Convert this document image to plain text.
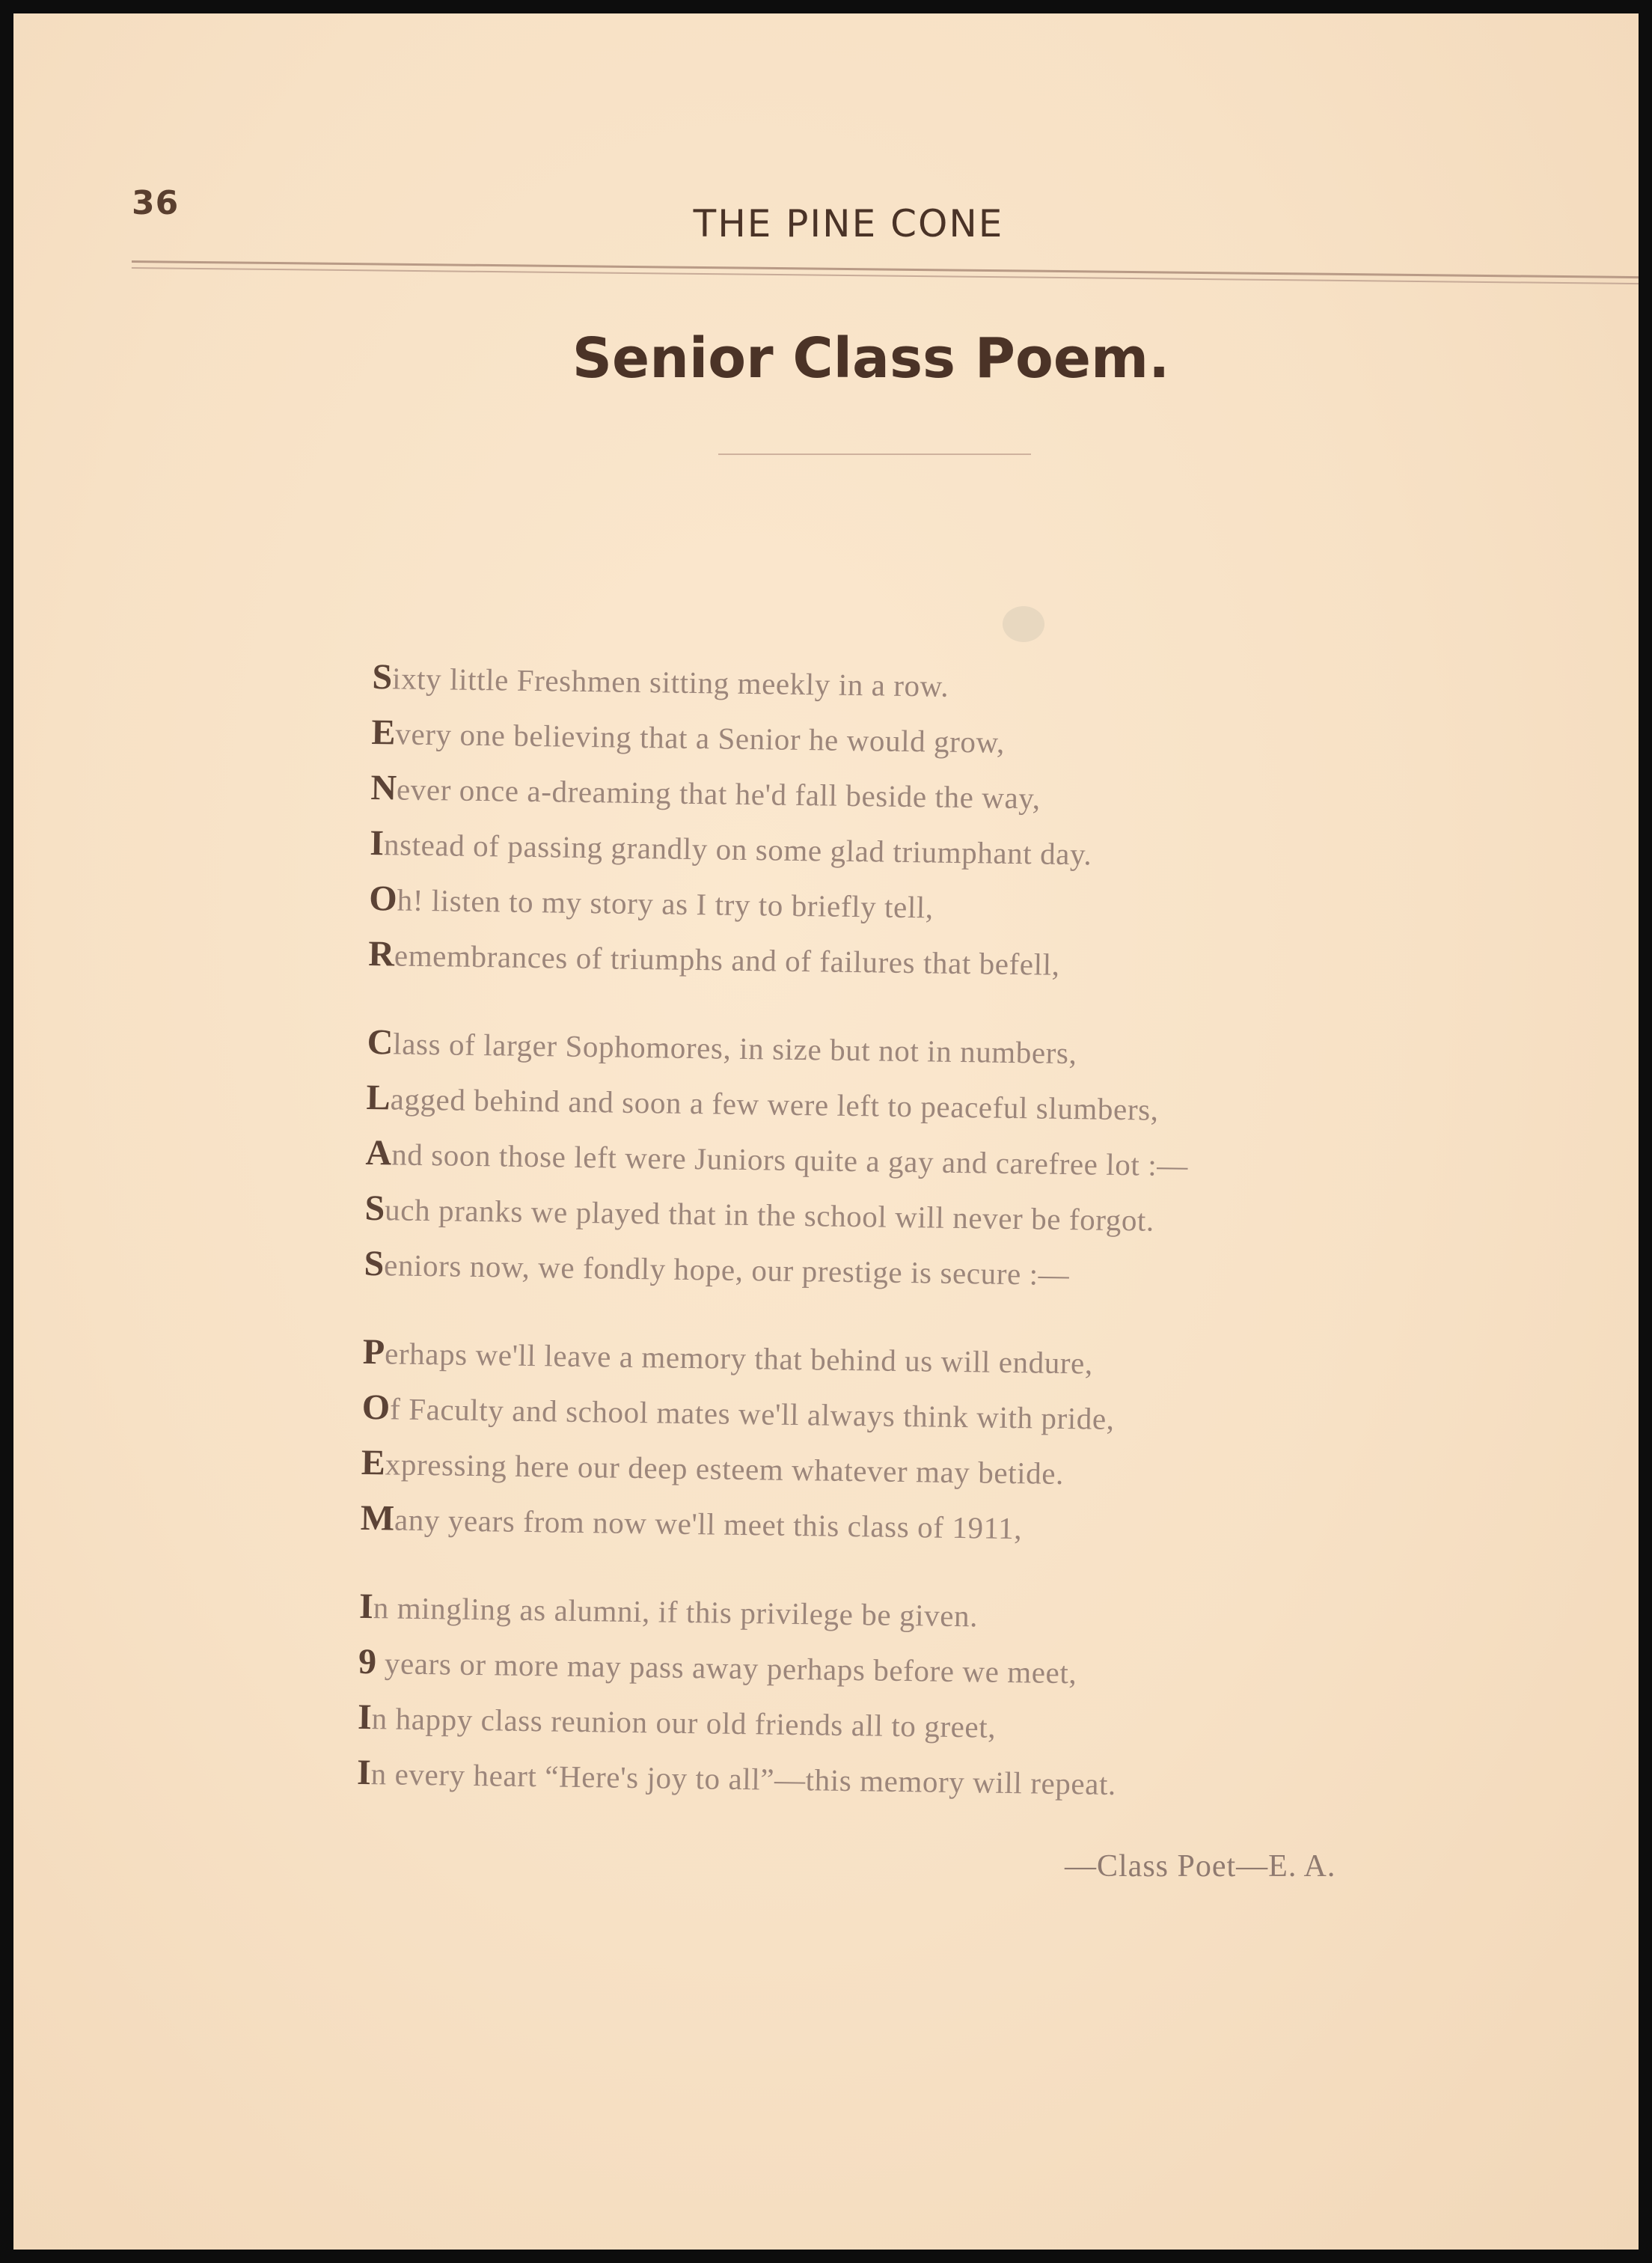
36	THE PINE CONE
Senior Class Poem.
Sixty little Freshmen sitting meekly in a row.
Every one believing that a Senior he would grow,
Never once a-dreaming that he'd fall beside the way,
Instead of passing grandly on some glad triumphant day.
Oh! listen to my story as I try to briefly tell,
Remembrances of triumphs and of failures that befell,
Class of larger Sophomores, in size but not in numbers,
Lagged behind and soon a few were left to peaceful slumbers,
And soon those left were Juniors quite a gay and carefree lot :—
Such pranks we played that in the school will never be forgot.
Seniors now, we fondly hope, our prestige is secure :—
Perhaps we'll leave a memory that behind us will endure,
Of Faculty and school mates we'll always think with pride,
Expressing here our deep esteem whatever may betide.
Many years from now we'll meet this class of 1911,
In mingling as alumni, if this privilege be given.
9 years or more may pass away perhaps before we meet,
In happy class reunion our old friends all to greet,
In every heart “Here's joy to all”—this memory will repeat.
—Class Poet—E. A.
